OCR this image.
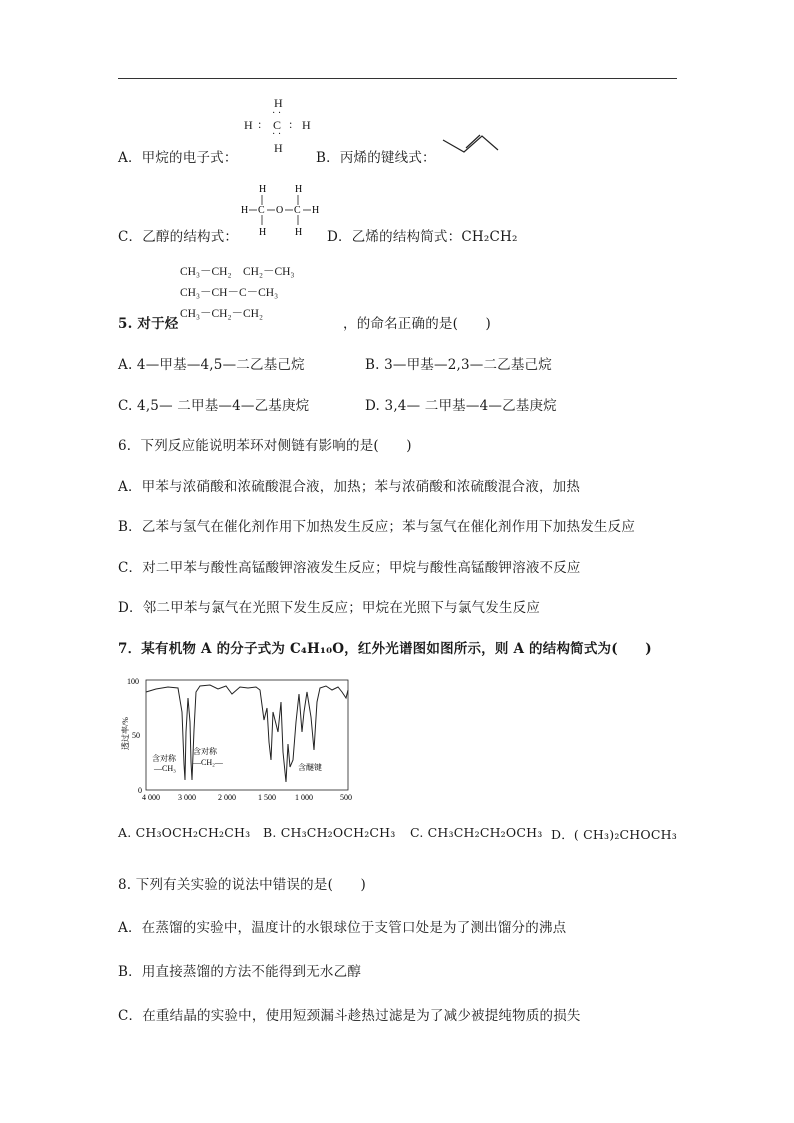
H
H : C : H
· ·
· ·
H
A．甲烷的电子式：	B．丙烯的键线式：
H	H
H C O C H
H	H
C．乙醇的结构式：	D．乙烯的结构简式：CH₂CH₂
CH₃－CH₂　CH₂－CH₃
CH₃－CH－C－CH₃
CH₃－CH₂－CH₂
5. 对于烃	，的命名正确的是(　　)
A. 4—甲基—4,5—二乙基己烷	B. 3—甲基—2,3—二乙基己烷
C. 4,5— 二甲基—4—乙基庚烷	D. 3,4— 二甲基—4—乙基庚烷
6．下列反应能说明苯环对侧链有影响的是(　　)
A．甲苯与浓硝酸和浓硫酸混合液，加热；苯与浓硝酸和浓硫酸混合液，加热
B．乙苯与氢气在催化剂作用下加热发生反应；苯与氢气在催化剂作用下加热发生反应
C．对二甲苯与酸性高锰酸钾溶液发生反应；甲烷与酸性高锰酸钾溶液不反应
D．邻二甲苯与氯气在光照下发生反应；甲烷在光照下与氯气发生反应
7．某有机物 A 的分子式为 C₄H₁₀O，红外光谱图如图所示，则 A 的结构简式为(　　)
100
50
0
透过率/%
含对称
—CH₃
含对称
—CH₂—
含醚键
4 000 3 000	2 000	1 500 1 000	500
A. CH₃OCH₂CH₂CH₃ B. CH₃CH₂OCH₂CH₃ C. CH₃CH₂CH₂OCH₃ D．( CH₃)₂CHOCH₃
8. 下列有关实验的说法中错误的是(　　)
A．在蒸馏的实验中，温度计的水银球位于支管口处是为了测出馏分的沸点
B．用直接蒸馏的方法不能得到无水乙醇
C．在重结晶的实验中，使用短颈漏斗趁热过滤是为了减少被提纯物质的损失
